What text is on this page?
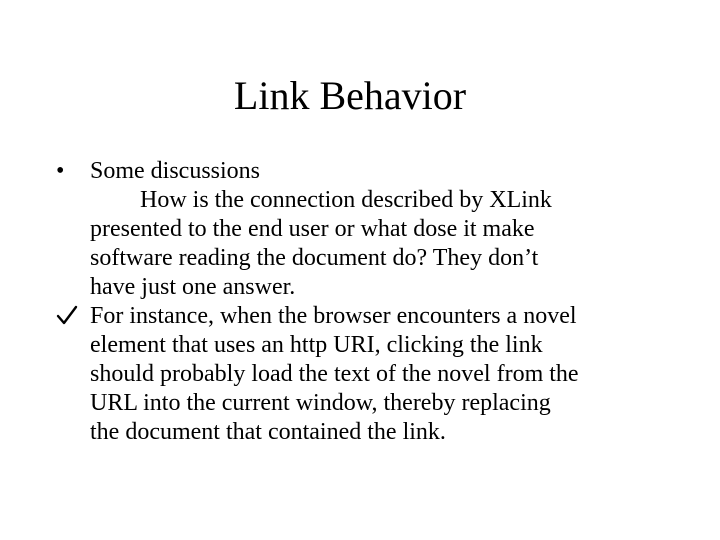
Link Behavior
•	Some discussions
How is the connection described by XLink
presented to the end user or what dose it make
software reading the document do? They don’t
have just one answer.
For instance, when the browser encounters a novel
element that uses an http URI, clicking the link
should probably load the text of the novel from the
URL into the current window, thereby replacing
the document that contained the link.
